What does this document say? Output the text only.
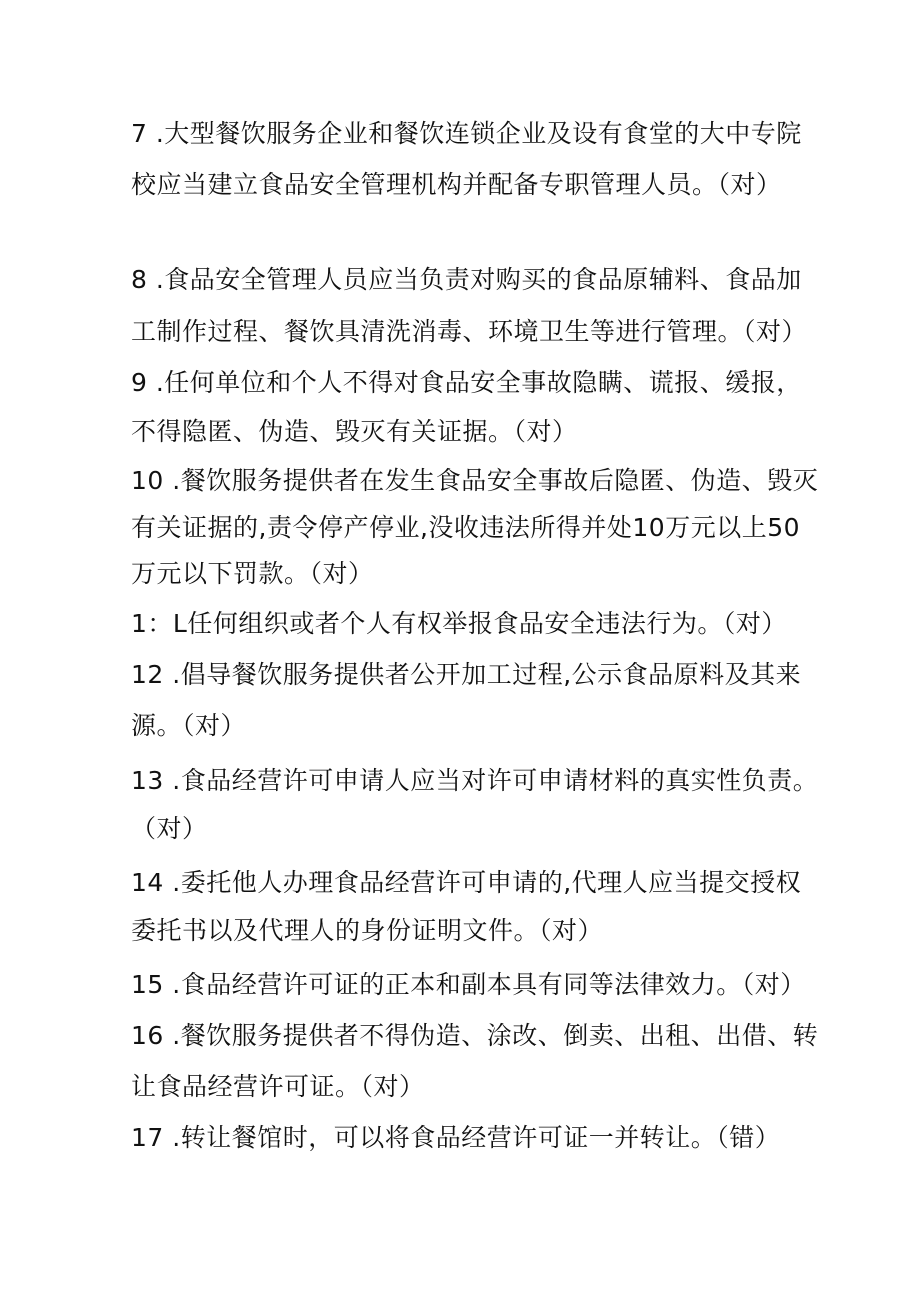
7 .大型餐饮服务企业和餐饮连锁企业及设有食堂的大中专院
校应当建立食品安全管理机构并配备专职管理人员。（对）
8 .食品安全管理人员应当负责对购买的食品原辅料、食品加
工制作过程、餐饮具清洗消毒、环境卫生等进行管理。（对）
9 .任何单位和个人不得对食品安全事故隐瞒、谎报、缓报，
不得隐匿、伪造、毁灭有关证据。（对）
10 .餐饮服务提供者在发生食品安全事故后隐匿、伪造、毁灭
有关证据的,责令停产停业,没收违法所得并处10万元以上50
万元以下罚款。（对）
1：L任何组织或者个人有权举报食品安全违法行为。（对）
12 .倡导餐饮服务提供者公开加工过程,公示食品原料及其来
源。（对）
13 .食品经营许可申请人应当对许可申请材料的真实性负责。
（对）
14 .委托他人办理食品经营许可申请的,代理人应当提交授权
委托书以及代理人的身份证明文件。（对）
15 .食品经营许可证的正本和副本具有同等法律效力。（对）
16 .餐饮服务提供者不得伪造、涂改、倒卖、出租、出借、转
让食品经营许可证。（对）
17 .转让餐馆时，可以将食品经营许可证一并转让。（错）
